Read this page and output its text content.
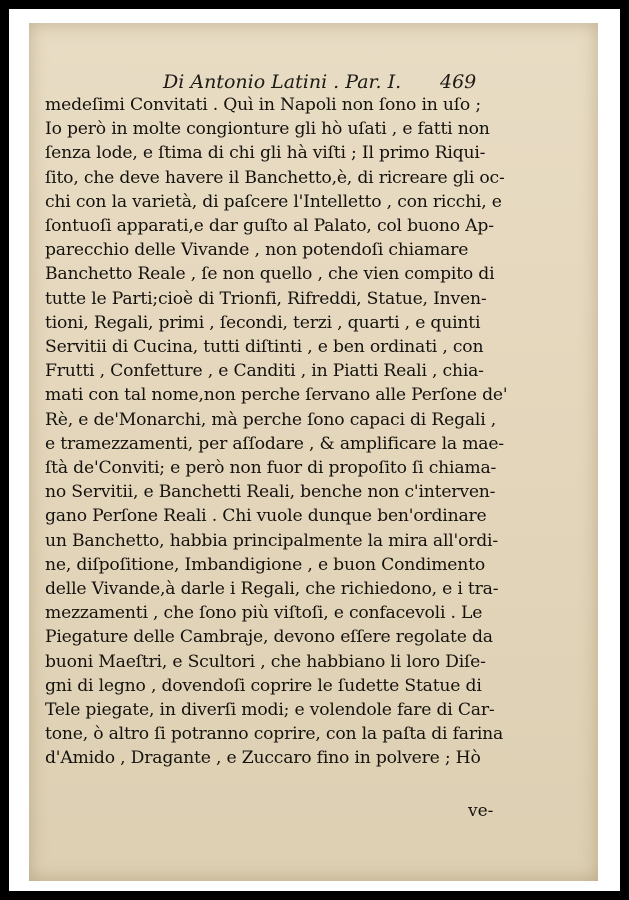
Di Antonio Latini . Par. I. 469
medeſimi Convitati . Quì in Napoli non ſono in uſo ;
Io però in molte congionture gli hò uſati , e fatti non
ſenza lode, e ſtima di chi gli hà viſti ; Il primo Riqui-
ſito, che deve havere il Banchetto,è, di ricreare gli oc-
chi con la varietà, di paſcere l'Intelletto , con ricchi, e
ſontuoſi apparati,e dar guſto al Palato, col buono Ap-
parecchio delle Vivande , non potendoſi chiamare
Banchetto Reale , ſe non quello , che vien compito di
tutte le Parti;cioè di Trionfi, Rifreddi, Statue, Inven-
tioni, Regali, primi , ſecondi, terzi , quarti , e quinti
Servitii di Cucina, tutti diſtinti , e ben ordinati , con
Frutti , Confetture , e Canditi , in Piatti Reali , chia-
mati con tal nome,non perche ſervano alle Perſone de'
Rè, e de'Monarchi, mà perche ſono capaci di Regali ,
e tramezzamenti, per aſſodare , & amplificare la mae-
ſtà de'Conviti; e però non fuor di propoſito ſi chiama-
no Servitii, e Banchetti Reali, benche non c'interven-
gano Perſone Reali . Chi vuole dunque ben'ordinare
un Banchetto, habbia principalmente la mira all'ordi-
ne, diſpoſitione, Imbandigione , e buon Condimento
delle Vivande,à darle i Regali, che richiedono, e i tra-
mezzamenti , che ſono più viſtoſi, e confacevoli . Le
Piegature delle Cambraje, devono eſſere regolate da
buoni Maeſtri, e Scultori , che habbiano li loro Diſe-
gni di legno , dovendoſi coprire le ſudette Statue di
Tele piegate, in diverſi modi; e volendole fare di Car-
tone, ò altro ſi potranno coprire, con la paſta di farina
d'Amido , Dragante , e Zuccaro fino in polvere ; Hò
ve-
